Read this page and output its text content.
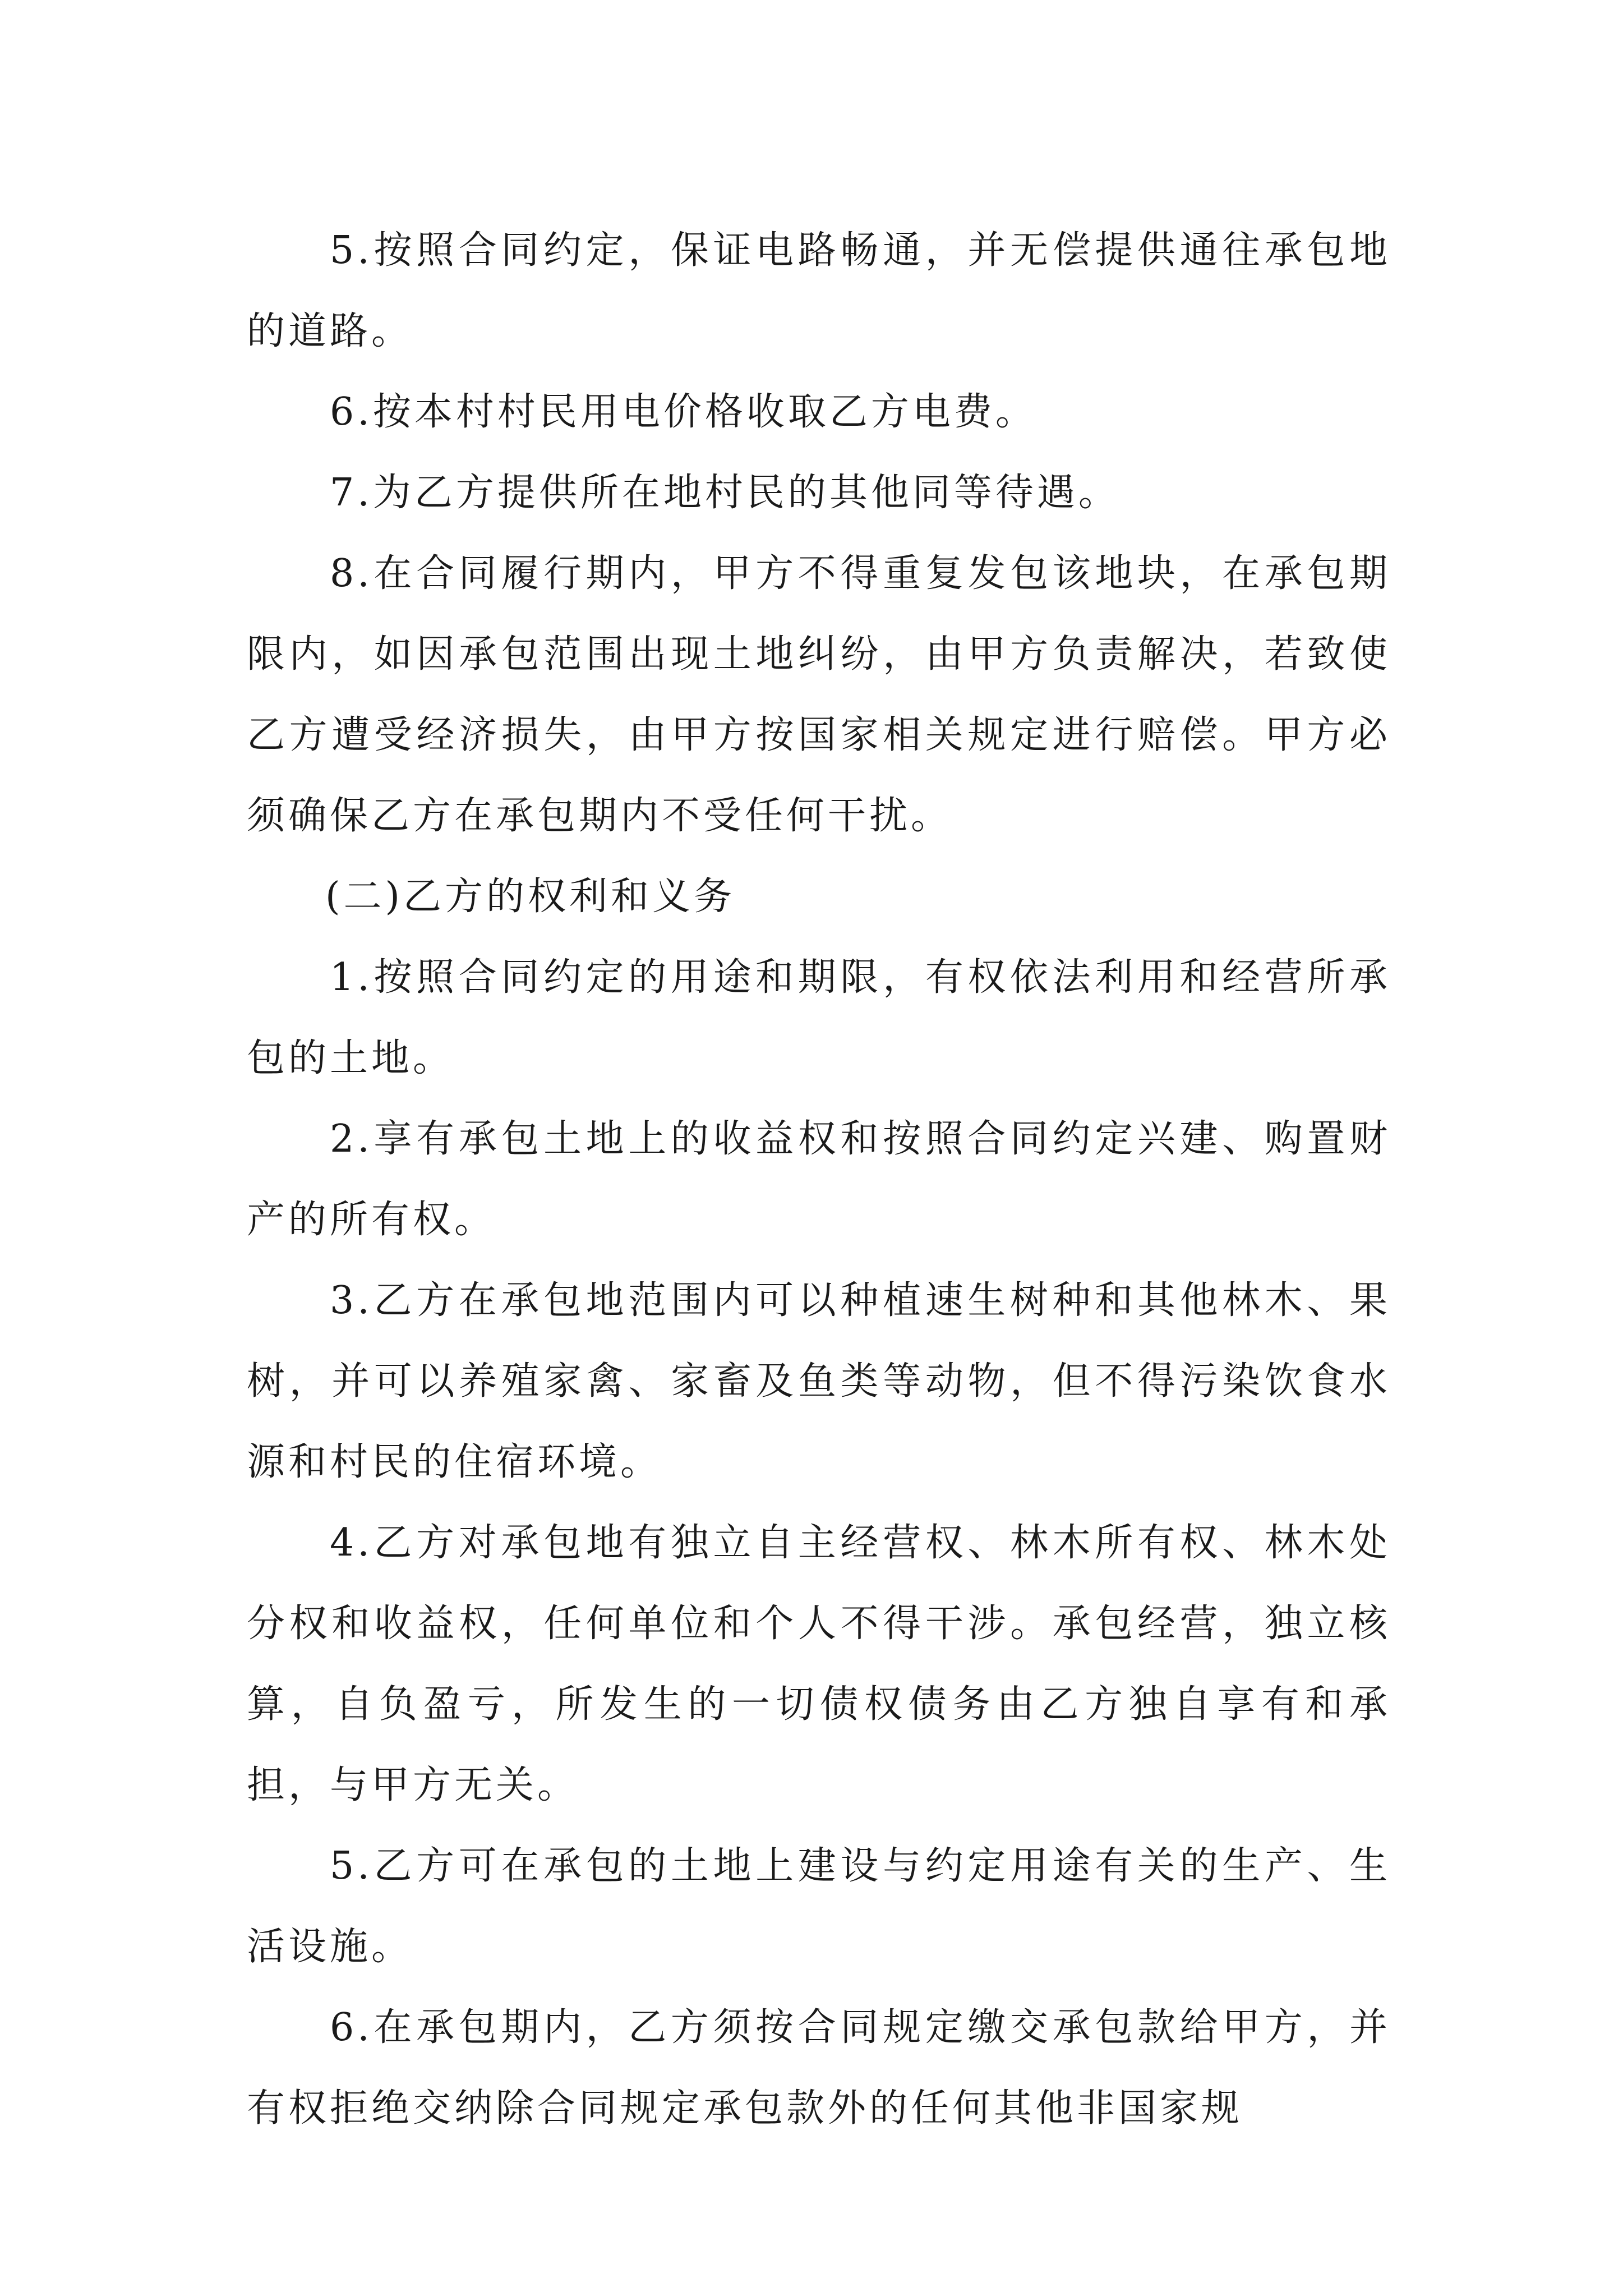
5.按照合同约定，保证电路畅通，并无偿提供通往承包地的道路。

6.按本村村民用电价格收取乙方电费。

7.为乙方提供所在地村民的其他同等待遇。

8.在合同履行期内，甲方不得重复发包该地块，在承包期限内，如因承包范围出现土地纠纷，由甲方负责解决，若致使乙方遭受经济损失，由甲方按国家相关规定进行赔偿。甲方必须确保乙方在承包期内不受任何干扰。

(二)乙方的权利和义务

1.按照合同约定的用途和期限，有权依法利用和经营所承包的土地。

2.享有承包土地上的收益权和按照合同约定兴建、购置财产的所有权。

3.乙方在承包地范围内可以种植速生树种和其他林木、果树，并可以养殖家禽、家畜及鱼类等动物，但不得污染饮食水源和村民的住宿环境。

4.乙方对承包地有独立自主经营权、林木所有权、林木处分权和收益权，任何单位和个人不得干涉。承包经营，独立核算，自负盈亏，所发生的一切债权债务由乙方独自享有和承担，与甲方无关。

5.乙方可在承包的土地上建设与约定用途有关的生产、生活设施。

6.在承包期内，乙方须按合同规定缴交承包款给甲方，并有权拒绝交纳除合同规定承包款外的任何其他非国家规
